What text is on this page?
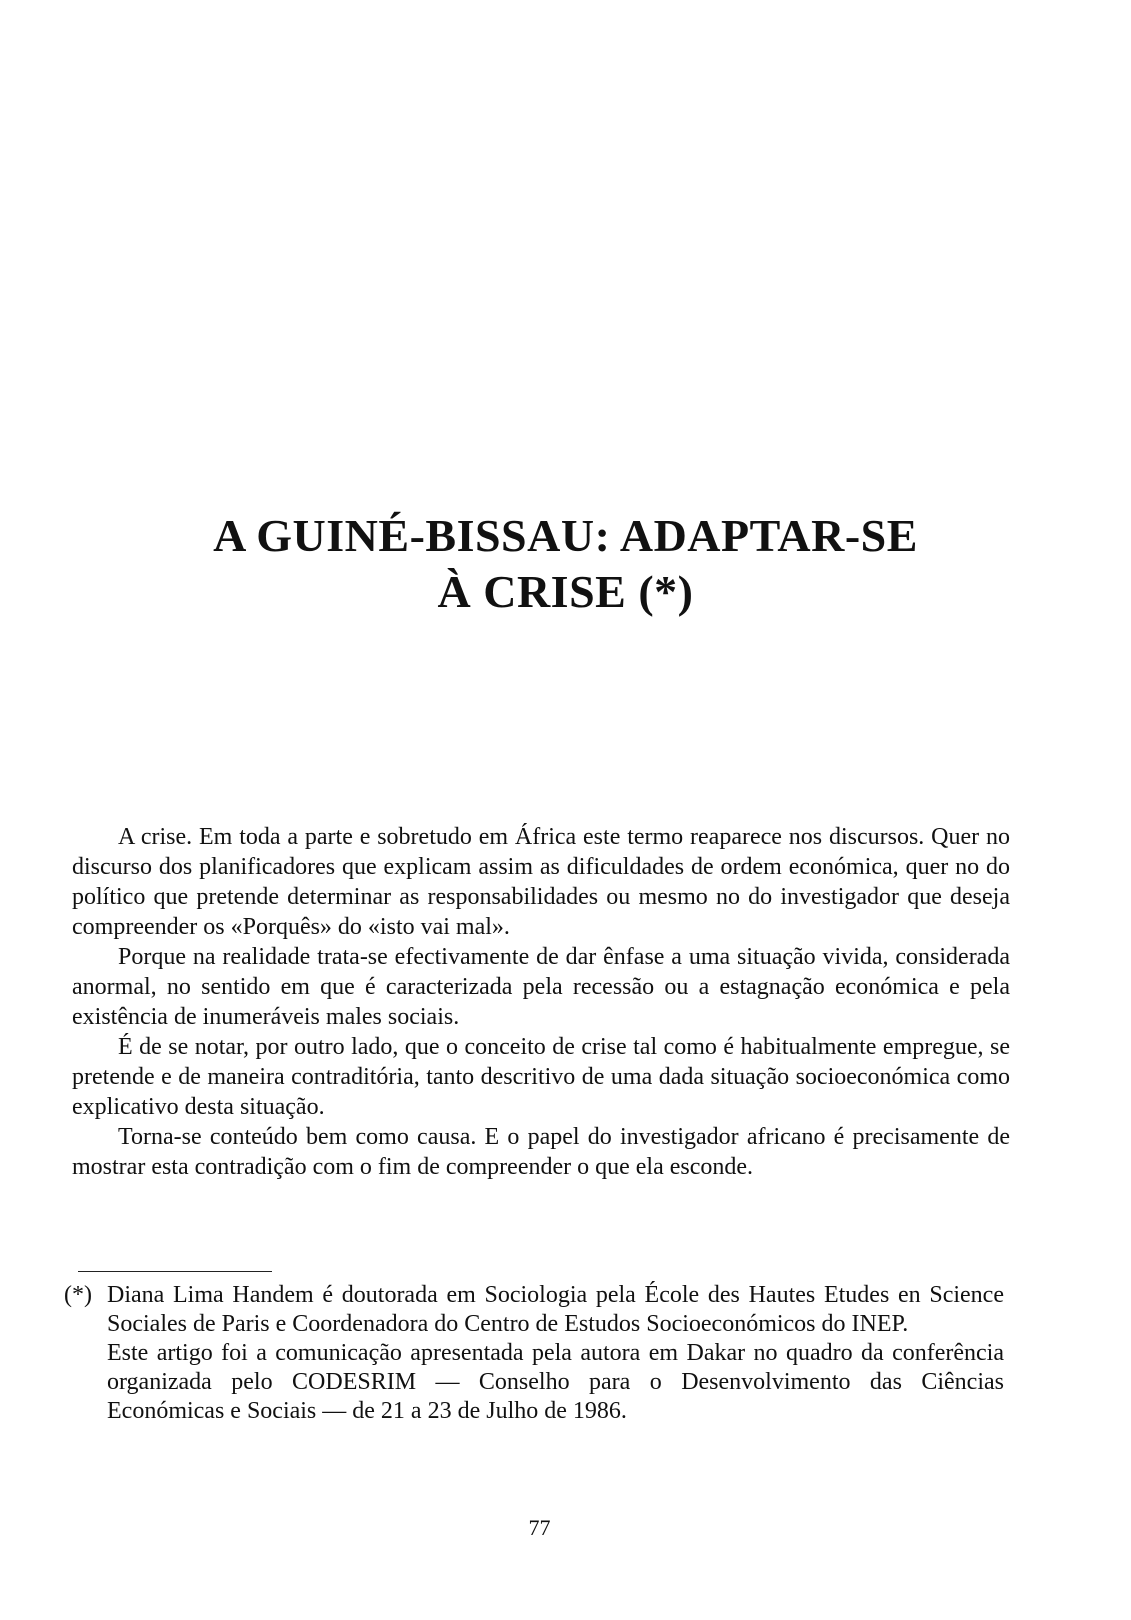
A GUINÉ-BISSAU: ADAPTAR-SE
À CRISE (*)

A crise. Em toda a parte e sobretudo em África este termo reaparece nos discursos. Quer no discurso dos planificadores que explicam assim as dificuldades de ordem económica, quer no do político que pretende determinar as responsabilidades ou mesmo no do investigador que deseja compreender os «Porquês» do «isto vai mal».

Porque na realidade trata-se efectivamente de dar ênfase a uma situação vivida, considerada anormal, no sentido em que é caracterizada pela recessão ou a estagnação económica e pela existência de inumeráveis males sociais.

É de se notar, por outro lado, que o conceito de crise tal como é habitualmente empregue, se pretende e de maneira contraditória, tanto descritivo de uma dada situação socioeconómica como explicativo desta situação.

Torna-se conteúdo bem como causa. E o papel do investigador africano é precisamente de mostrar esta contradição com o fim de compreender o que ela esconde.

(*) Diana Lima Handem é doutorada em Sociologia pela École des Hautes Etudes en Science Sociales de Paris e Coordenadora do Centro de Estudos Socioeconómicos do INEP.

Este artigo foi a comunicação apresentada pela autora em Dakar no quadro da conferência organizada pelo CODESRIM — Conselho para o Desenvolvimento das Ciências Económicas e Sociais — de 21 a 23 de Julho de 1986.

77
